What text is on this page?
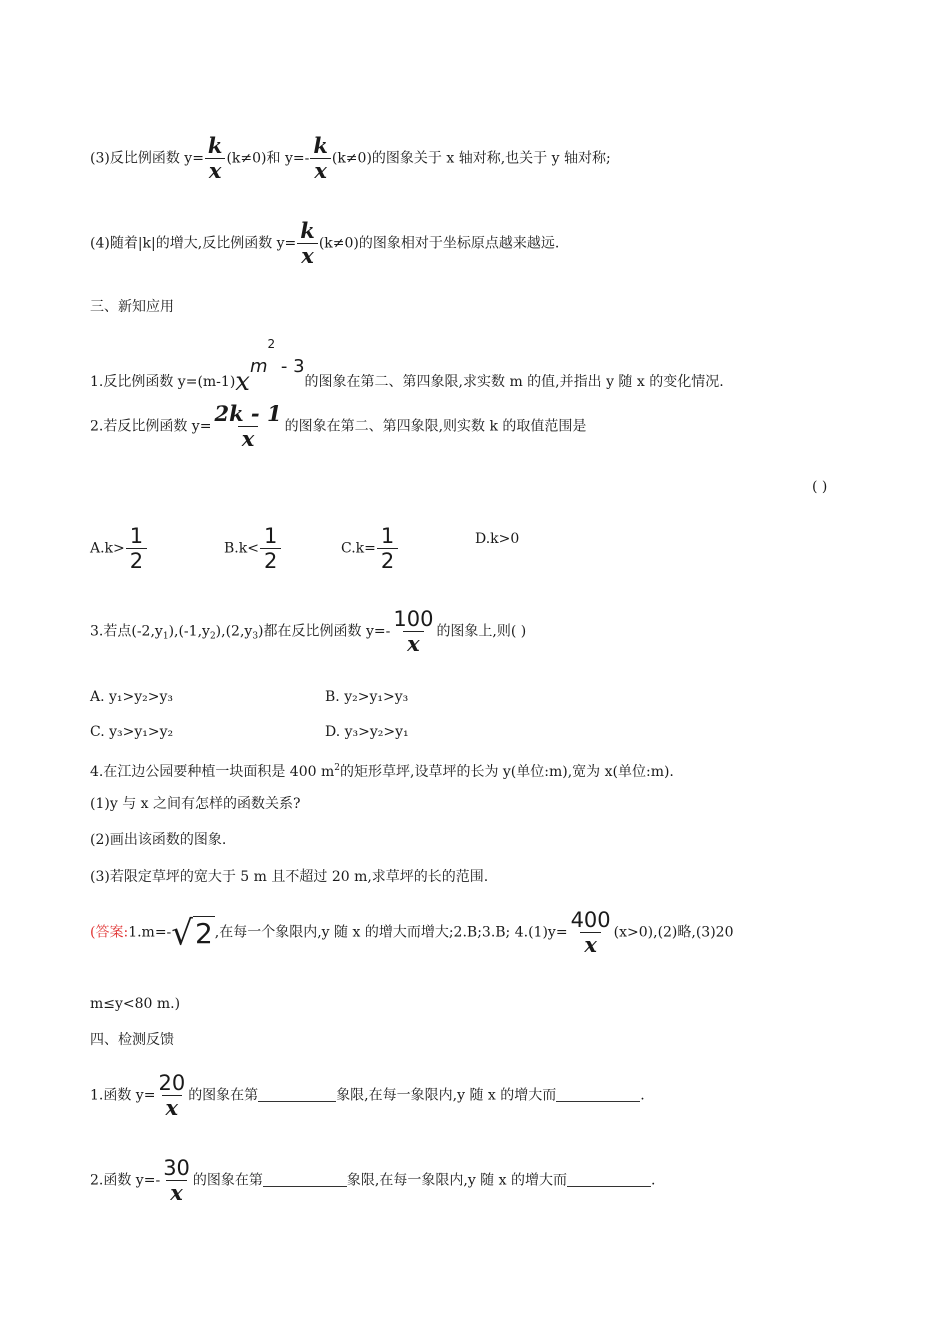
(3)反比例函数 $y= \frac{k}{x} (k\ne 0)$和 $y=- \frac{k}{x} (k\ne 0)$的图象关于 x 轴对称,也关于 y 轴对称;
(4)随着|k|的增大,反比例函数 $y= \frac{k}{x} (k\ne 0)$的图象相对于坐标原点越来越远.
三、新知应用
1.反比例函数 $y=(m-1)xm^2 - 3$的图象在第二、第四象限,求实数 m 的值,并指出 y 随 x 的变化情况.
2.若反比例函数 $y= \frac{2k - 1}{x}$ 的图象在第二、第四象限,则实数 k 的取值范围是
( )
$A.k> \frac{1}{2}$	$B.k< \frac{1}{2}$	$C.k= \frac{1}{2}$	D.k>0
3.若点$(-2,y_1),(-1,y_2),(2,y_3)$都在反比例函数 $y=- \frac{100}{x}$ 的图象上,则( )
A. y₁>y₂>y₃	B. y₂>y₁>y₃
C. y₃>y₁>y₂	D. y₃>y₂>y₁
4.在江边公园要种植一块面积是 400 $m^2$的矩形草坪,设草坪的长为 y(单位:m),宽为 x(单位:m).
(1)y 与 x 之间有怎样的函数关系?
(2)画出该函数的图象.
(3)若限定草坪的宽大于 5 m 且不超过 20 m,求草坪的长的范围.
(答案:1.m=-√2 ,在每一个象限内,y 随 x 的增大而增大;2.B;3.B; $4.(1)y= \frac{400}{x} (x>0),(2)$略,(3)20
m≤y<80 m.)
四、检测反馈
1.函数 $y= \frac{20}{x}$ 的图象在第	象限,在每一象限内,y 随 x 的增大而	.
2.函数 $y=- \frac{30}{x}$ 的图象在第	象限,在每一象限内,y 随 x 的增大而	.
